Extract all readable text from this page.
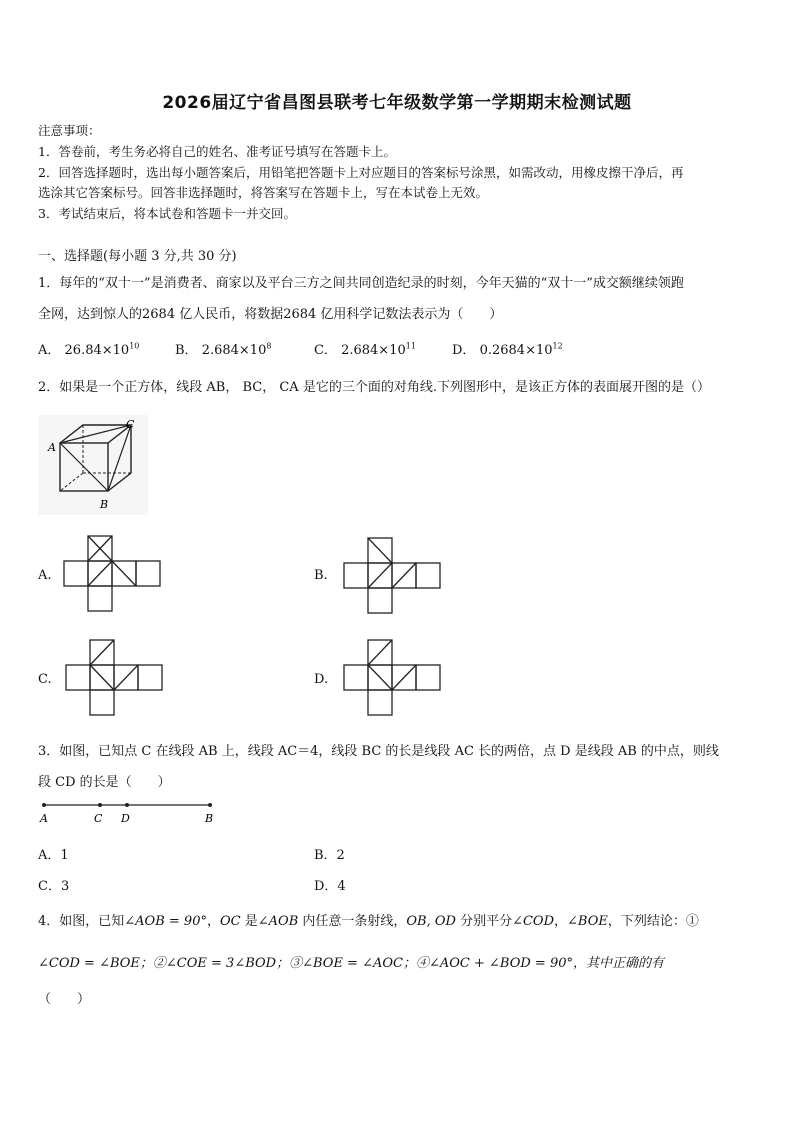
2026届辽宁省昌图县联考七年级数学第一学期期末检测试题
注意事项：
1．答卷前，考生务必将自己的姓名、准考证号填写在答题卡上。
2．回答选择题时，选出每小题答案后，用铅笔把答题卡上对应题目的答案标号涂黑，如需改动，用橡皮擦干净后，再
选涂其它答案标号。回答非选择题时，将答案写在答题卡上，写在本试卷上无效。
3．考试结束后，将本试卷和答题卡一并交回。
一、选择题(每小题 3 分,共 30 分)
1．每年的“双十一”是消费者、商家以及平台三方之间共同创造纪录的时刻，今年天猫的“双十一”成交额继续领跑
全网，达到惊人的2684 亿人民币，将数据2684 亿用科学记数法表示为（　　）
A． $26.84\times 10^{10}$	B． $2.684\times 10^8$	C． $2.684\times 10^{11}$	D． $0.2684\times 10^{12}$
2．如果是一个正方体，线段 AB， BC， CA 是它的三个面的对角线.下列图形中，是该正方体的表面展开图的是（）
A
C
B
A.	B.
C.	D.
3．如图，已知点 C 在线段 AB 上，线段 AC＝4，线段 BC 的长是线段 AC 长的两倍，点 D 是线段 AB 的中点，则线
段 CD 的长是（　　）
A	C D	B
A．1	B．2
C．3	D．4
4．如图，已知∠AOB = 90°，OC 是∠AOB 内任意一条射线，OB, OD 分别平分∠COD，∠BOE，下列结论：①
∠COD = ∠BOE；②∠COE = 3∠BOD；③∠BOE = ∠AOC；④∠AOC + ∠BOD = 90°，其中正确的有
（　　）
